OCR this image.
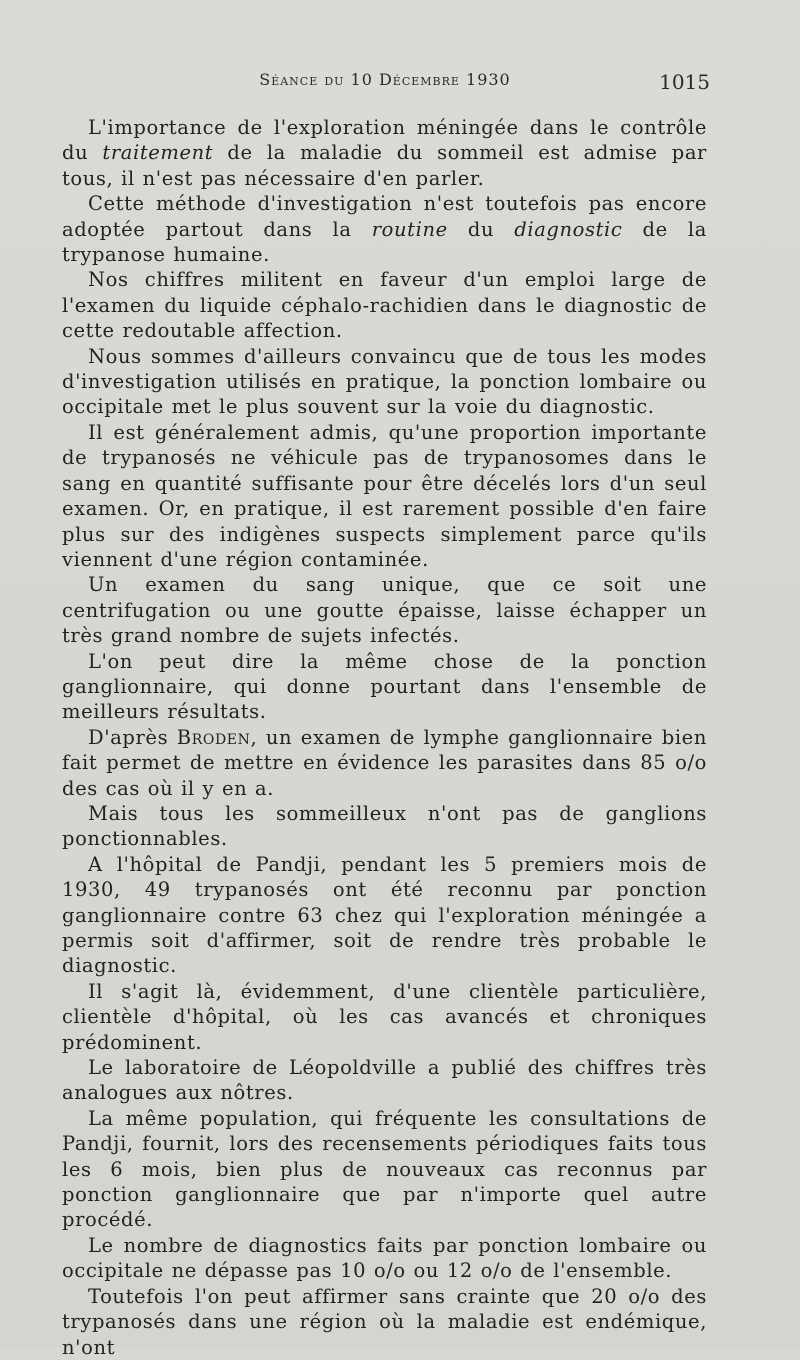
Séance du 10 Décembre 1930	1015

L'importance de l'exploration méningée dans le contrôle du traitement de la maladie du sommeil est admise par tous, il n'est pas nécessaire d'en parler.

Cette méthode d'investigation n'est toutefois pas encore adoptée partout dans la routine du diagnostic de la trypanose humaine.

Nos chiffres militent en faveur d'un emploi large de l'examen du liquide céphalo-rachidien dans le diagnostic de cette redoutable affection.

Nous sommes d'ailleurs convaincu que de tous les modes d'investigation utilisés en pratique, la ponction lombaire ou occipitale met le plus souvent sur la voie du diagnostic.

Il est généralement admis, qu'une proportion importante de trypanosés ne véhicule pas de trypanosomes dans le sang en quantité suffisante pour être décelés lors d'un seul examen. Or, en pratique, il est rarement possible d'en faire plus sur des indigènes suspects simplement parce qu'ils viennent d'une région contaminée.

Un examen du sang unique, que ce soit une centrifugation ou une goutte épaisse, laisse échapper un très grand nombre de sujets infectés.

L'on peut dire la même chose de la ponction ganglionnaire, qui donne pourtant dans l'ensemble de meilleurs résultats.

D'après Broden, un examen de lymphe ganglionnaire bien fait permet de mettre en évidence les parasites dans 85 o/o des cas où il y en a.

Mais tous les sommeilleux n'ont pas de ganglions ponctionnables.

A l'hôpital de Pandji, pendant les 5 premiers mois de 1930, 49 trypanosés ont été reconnu par ponction ganglionnaire contre 63 chez qui l'exploration méningée a permis soit d'affirmer, soit de rendre très probable le diagnostic.

Il s'agit là, évidemment, d'une clientèle particulière, clientèle d'hôpital, où les cas avancés et chroniques prédominent.

Le laboratoire de Léopoldville a publié des chiffres très analogues aux nôtres.

La même population, qui fréquente les consultations de Pandji, fournit, lors des recensements périodiques faits tous les 6 mois, bien plus de nouveaux cas reconnus par ponction ganglionnaire que par n'importe quel autre procédé.

Le nombre de diagnostics faits par ponction lombaire ou occipitale ne dépasse pas 10 o/o ou 12 o/o de l'ensemble.

Toutefois l'on peut affirmer sans crainte que 20 o/o des trypanosés dans une région où la maladie est endémique, n'ont
